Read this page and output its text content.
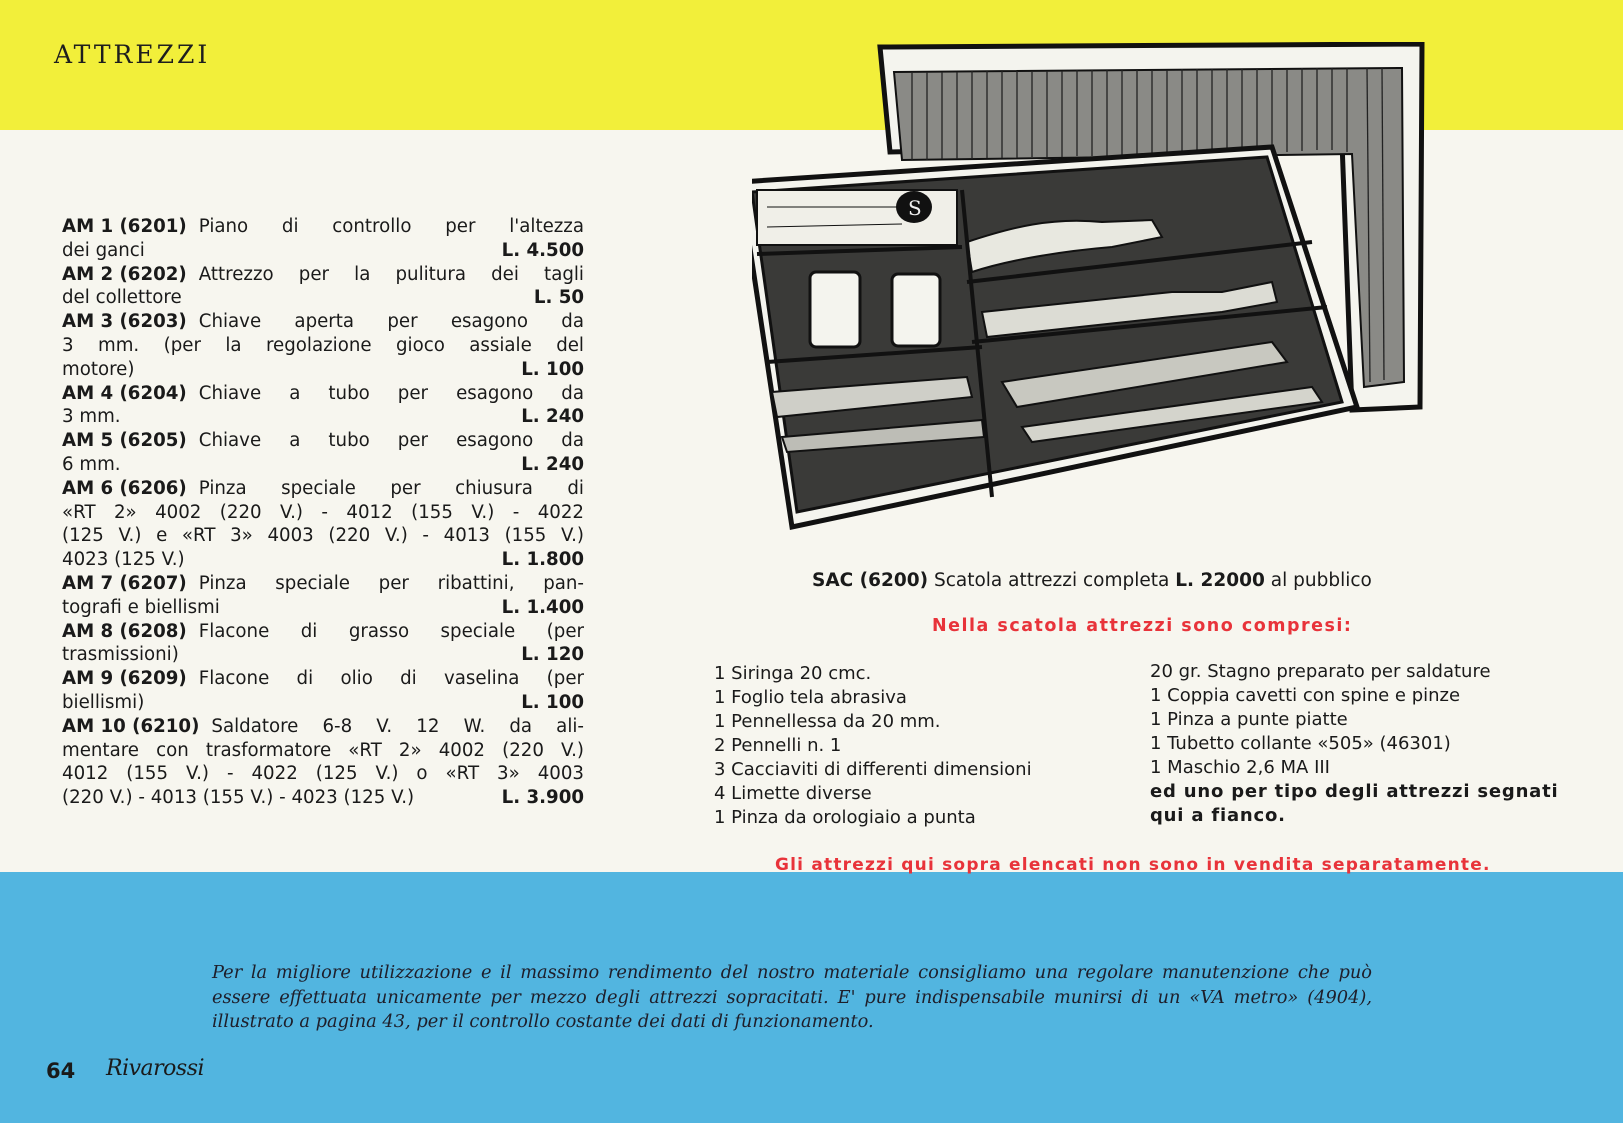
ATTREZZI
AM 1 (6201) Piano di controllo per l'altezza
dei ganci	L. 4.500
AM 2 (6202) Attrezzo per la pulitura dei tagli
del collettore	L. 50
AM 3 (6203) Chiave aperta per esagono da
3 mm. (per la regolazione gioco assiale del
motore)	L. 100
AM 4 (6204) Chiave a tubo per esagono da
3 mm.	L. 240
AM 5 (6205) Chiave a tubo per esagono da
6 mm.	L. 240
AM 6 (6206) Pinza speciale per chiusura di
«RT 2» 4002 (220 V.) - 4012 (155 V.) - 4022
(125 V.) e «RT 3» 4003 (220 V.) - 4013 (155 V.)
4023 (125 V.)	L. 1.800
AM 7 (6207) Pinza speciale per ribattini, pan-
tografi e biellismi	L. 1.400
AM 8 (6208) Flacone di grasso speciale (per
trasmissioni)	L. 120
AM 9 (6209) Flacone di olio di vaselina (per
biellismi)	L. 100
AM 10 (6210) Saldatore 6-8 V. 12 W. da ali-
mentare con trasformatore «RT 2» 4002 (220 V.)
4012 (155 V.) - 4022 (125 V.) o «RT 3» 4003
(220 V.) - 4013 (155 V.) - 4023 (125 V.)	L. 3.900
S
SAC (6200) Scatola attrezzi completa L. 22000 al pubblico
Nella scatola attrezzi sono compresi:
1 Siringa 20 cmc.
1 Foglio tela abrasiva
1 Pennellessa da 20 mm.
2 Pennelli n. 1
3 Cacciaviti di differenti dimensioni
4 Limette diverse
1 Pinza da orologiaio a punta
20 gr. Stagno preparato per saldature
1 Coppia cavetti con spine e pinze
1 Pinza a punte piatte
1 Tubetto collante «505» (46301)
1 Maschio 2,6 MA III
ed uno per tipo degli attrezzi segnati qui a fianco.
Gli attrezzi qui sopra elencati non sono in vendita separatamente.
Per la migliore utilizzazione e il massimo rendimento del nostro materiale consigliamo una regolare manutenzione che può essere effettuata unicamente per mezzo degli attrezzi sopracitati. E' pure indispensabile munirsi di un «VA metro» (4904), illustrato a pagina 43, per il controllo costante dei dati di funzionamento.
64 Rivarossi
